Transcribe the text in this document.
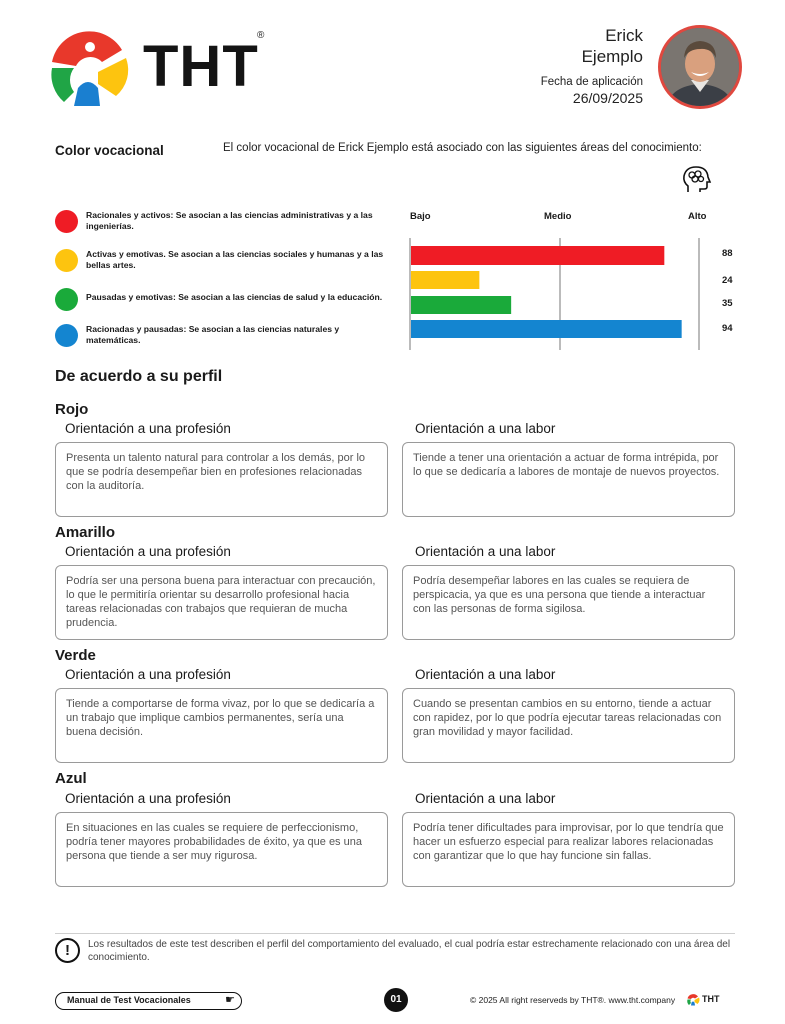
THT
®	Erick
Ejemplo
Fecha de aplicación
26/09/2025
Color vocacional	El color vocacional de Erick Ejemplo está asociado con las siguientes áreas del conocimiento:
Racionales y activos: Se asocian a las ciencias administrativas y a las ingenierías.
Activas y emotivas. Se asocian a las ciencias sociales y humanas y a las bellas artes.
Pausadas y emotivas: Se asocian a las ciencias de salud y la educación.
Racionadas y pausadas: Se asocian a las ciencias naturales y matemáticas.
Bajo	Medio	Alto
88
24
35
94
De acuerdo a su perfil
Rojo
Orientación a una profesión	Orientación a una labor
Presenta un talento natural para controlar a los demás, por lo que se podría desempeñar bien en profesiones relacionadas con la auditoría.
Tiende a tener una orientación a actuar de forma intrépida, por lo que se dedicaría a labores de montaje de nuevos proyectos.
Amarillo
Orientación a una profesión	Orientación a una labor
Podría ser una persona buena para interactuar con precaución, lo que le permitiría orientar su desarrollo profesional hacia tareas relacionadas con trabajos que requieran de mucha prudencia.
Podría desempeñar labores en las cuales se requiera de perspicacia, ya que es una persona que tiende a interactuar con las personas de forma sigilosa.
Verde
Orientación a una profesión	Orientación a una labor
Tiende a comportarse de forma vivaz, por lo que se dedicaría a un trabajo que implique cambios permanentes, sería una buena decisión.
Cuando se presentan cambios en su entorno, tiende a actuar con rapidez, por lo que podría ejecutar tareas relacionadas con gran movilidad y mayor facilidad.
Azul
Orientación a una profesión	Orientación a una labor
En situaciones en las cuales se requiere de perfeccionismo, podría tener mayores probabilidades de éxito, ya que es una persona que tiende a ser muy rigurosa.
Podría tener dificultades para improvisar, por lo que tendría que hacer un esfuerzo especial para realizar labores relacionadas con garantizar que lo que hay funcione sin fallas.
!	Los resultados de este test describen el perfil del comportamiento del evaluado, el cual podría estar estrechamente relacionado con una área del conocimiento.
Manual de Test Vocacionales	☛	01	© 2025 All right reserveds by THT®. www.tht.company	THT
